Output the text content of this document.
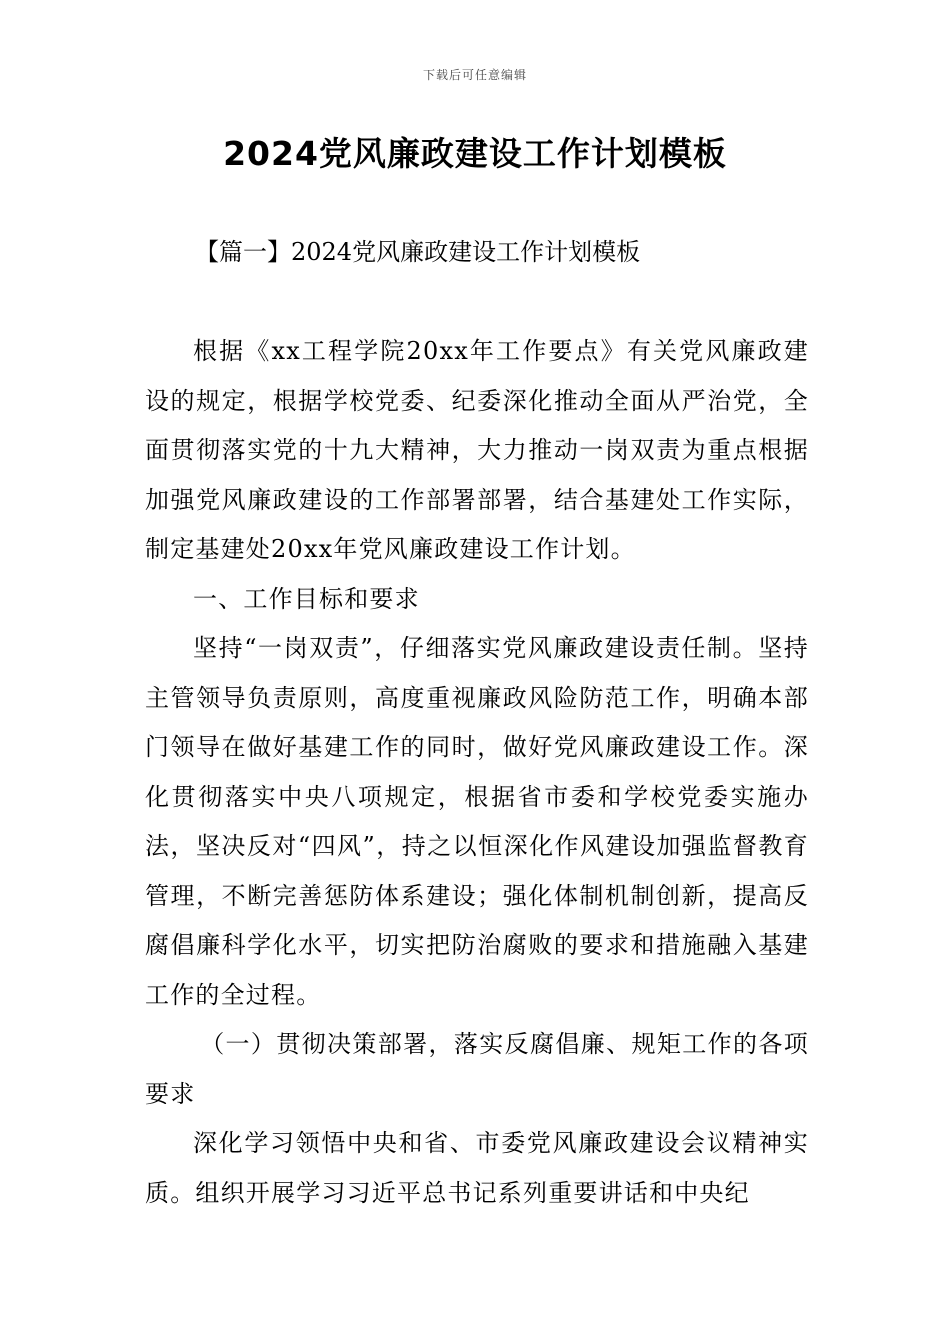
下载后可任意编辑
2024党风廉政建设工作计划模板
【篇一】2024党风廉政建设工作计划模板

根据《xx工程学院20xx年工作要点》有关党风廉政建设的规定，根据学校党委、纪委深化推动全面从严治党，全面贯彻落实党的十九大精神，大力推动一岗双责为重点根据加强党风廉政建设的工作部署部署，结合基建处工作实际，制定基建处20xx年党风廉政建设工作计划。

一、工作目标和要求

坚持“一岗双责”，仔细落实党风廉政建设责任制。坚持主管领导负责原则，高度重视廉政风险防范工作，明确本部门领导在做好基建工作的同时，做好党风廉政建设工作。深化贯彻落实中央八项规定，根据省市委和学校党委实施办法，坚决反对“四风”，持之以恒深化作风建设加强监督教育管理，不断完善惩防体系建设；强化体制机制创新，提高反腐倡廉科学化水平，切实把防治腐败的要求和措施融入基建工作的全过程。

（一）贯彻决策部署，落实反腐倡廉、规矩工作的各项要求

深化学习领悟中央和省、市委党风廉政建设会议精神实质。组织开展学习习近平总书记系列重要讲话和中央纪
